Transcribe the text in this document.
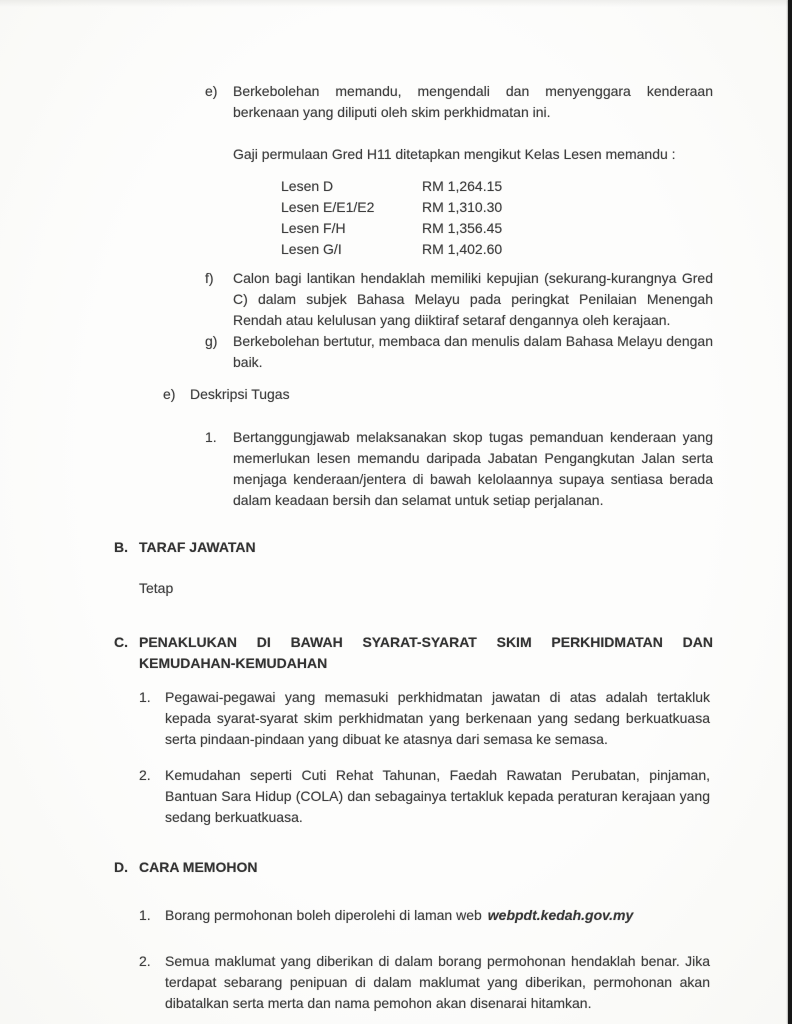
e) Berkebolehan memandu, mengendali dan menyenggara kenderaan berkenaan yang diliputi oleh skim perkhidmatan ini.
Gaji permulaan Gred H11 ditetapkan mengikut Kelas Lesen memandu :
Lesen D	RM 1,264.15
Lesen E/E1/E2	RM 1,310.30
Lesen F/H	RM 1,356.45
Lesen G/I	RM 1,402.60
f) Calon bagi lantikan hendaklah memiliki kepujian (sekurang-kurangnya Gred C) dalam subjek Bahasa Melayu pada peringkat Penilaian Menengah Rendah atau kelulusan yang diiktiraf setaraf dengannya oleh kerajaan.
g) Berkebolehan bertutur, membaca dan menulis dalam Bahasa Melayu dengan baik.
e) Deskripsi Tugas
1. Bertanggungjawab melaksanakan skop tugas pemanduan kenderaan yang memerlukan lesen memandu daripada Jabatan Pengangkutan Jalan serta menjaga kenderaan/jentera di bawah kelolaannya supaya sentiasa berada dalam keadaan bersih dan selamat untuk setiap perjalanan.
B. TARAF JAWATAN
Tetap
C. PENAKLUKAN DI BAWAH SYARAT-SYARAT SKIM PERKHIDMATAN DAN KEMUDAHAN-KEMUDAHAN
1. Pegawai-pegawai yang memasuki perkhidmatan jawatan di atas adalah tertakluk kepada syarat-syarat skim perkhidmatan yang berkenaan yang sedang berkuatkuasa serta pindaan-pindaan yang dibuat ke atasnya dari semasa ke semasa.
2. Kemudahan seperti Cuti Rehat Tahunan, Faedah Rawatan Perubatan, pinjaman, Bantuan Sara Hidup (COLA) dan sebagainya tertakluk kepada peraturan kerajaan yang sedang berkuatkuasa.
D. CARA MEMOHON
1. Borang permohonan boleh diperolehi di laman web webpdt.kedah.gov.my
2. Semua maklumat yang diberikan di dalam borang permohonan hendaklah benar. Jika terdapat sebarang penipuan di dalam maklumat yang diberikan, permohonan akan dibatalkan serta merta dan nama pemohon akan disenarai hitamkan.
